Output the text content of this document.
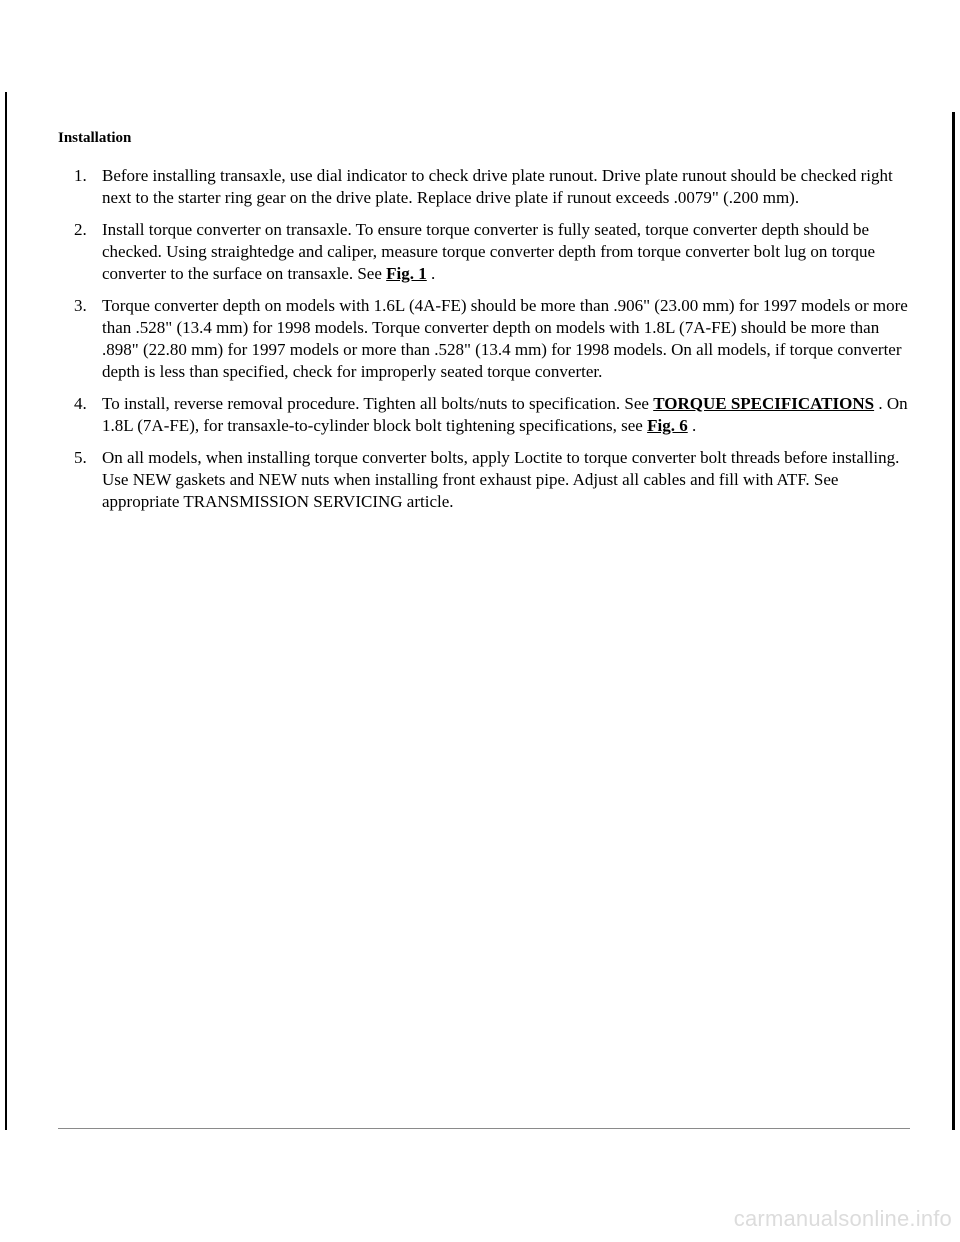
Installation
1. Before installing transaxle, use dial indicator to check drive plate runout. Drive plate runout should be checked right next to the starter ring gear on the drive plate. Replace drive plate if runout exceeds .0079" (.200 mm).
2. Install torque converter on transaxle. To ensure torque converter is fully seated, torque converter depth should be checked. Using straightedge and caliper, measure torque converter depth from torque converter bolt lug on torque converter to the surface on transaxle. See Fig. 1 .
3. Torque converter depth on models with 1.6L (4A-FE) should be more than .906" (23.00 mm) for 1997 models or more than .528" (13.4 mm) for 1998 models. Torque converter depth on models with 1.8L (7A-FE) should be more than .898" (22.80 mm) for 1997 models or more than .528" (13.4 mm) for 1998 models. On all models, if torque converter depth is less than specified, check for improperly seated torque converter.
4. To install, reverse removal procedure. Tighten all bolts/nuts to specification. See TORQUE SPECIFICATIONS . On 1.8L (7A-FE), for transaxle-to-cylinder block bolt tightening specifications, see Fig. 6 .
5. On all models, when installing torque converter bolts, apply Loctite to torque converter bolt threads before installing. Use NEW gaskets and NEW nuts when installing front exhaust pipe. Adjust all cables and fill with ATF. See appropriate TRANSMISSION SERVICING article.
carmanualsonline.info
